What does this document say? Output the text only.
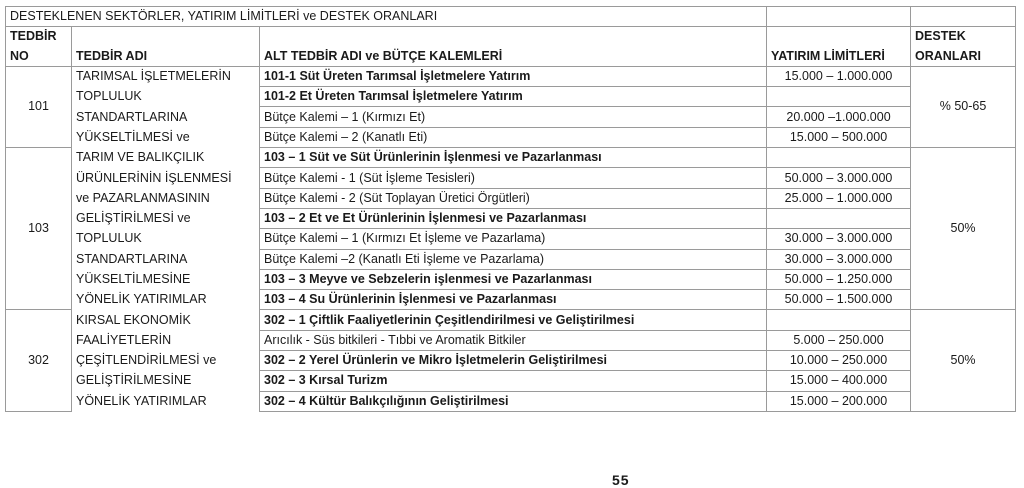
DESTEKLENEN SEKTÖRLER, YATIRIM LİMİTLERİ ve DESTEK ORANLARI				
TEDBİR				DESTEK
NO	TEDBİR ADI	ALT TEDBİR ADI ve BÜTÇE KALEMLERİ	YATIRIM LİMİTLERİ	ORANLARI
101	TARIMSAL İŞLETMELERİN	101-1 Süt Üreten Tarımsal İşletmelere Yatırım	15.000 – 1.000.000	% 50-65
	TOPLULUK	101-2 Et Üreten Tarımsal İşletmelere Yatırım		
	STANDARTLARINA	Bütçe Kalemi – 1 (Kırmızı Et)	20.000 –1.000.000	
	YÜKSELTİLMESİ ve	Bütçe Kalemi – 2 (Kanatlı Eti)	15.000 – 500.000	
103	TARIM VE BALIKÇILIK	103 – 1 Süt ve Süt Ürünlerinin İşlenmesi ve Pazarlanması		50%
	ÜRÜNLERİNİN İŞLENMESİ	Bütçe Kalemi - 1 (Süt İşleme Tesisleri)	50.000 – 3.000.000	
	ve PAZARLANMASININ	Bütçe Kalemi - 2 (Süt Toplayan Üretici Örgütleri)	25.000 – 1.000.000	
	GELİŞTİRİLMESİ ve	103 – 2 Et ve Et Ürünlerinin İşlenmesi ve Pazarlanması		
	TOPLULUK	Bütçe Kalemi – 1 (Kırmızı Et İşleme ve Pazarlama)	30.000 – 3.000.000	
	STANDARTLARINA	Bütçe Kalemi –2 (Kanatlı Eti İşleme ve Pazarlama)	30.000 – 3.000.000	
	YÜKSELTİLMESİNE	103 – 3 Meyve ve Sebzelerin işlenmesi ve Pazarlanması	50.000 – 1.250.000	
	YÖNELİK YATIRIMLAR	103 – 4 Su Ürünlerinin İşlenmesi ve Pazarlanması	50.000 – 1.500.000	
302	KIRSAL EKONOMİK	302 – 1 Çiftlik Faaliyetlerinin Çeşitlendirilmesi ve Geliştirilmesi		50%
	FAALİYETLERİN	Arıcılık - Süs bitkileri - Tıbbi ve Aromatik Bitkiler	5.000 – 250.000	
	ÇEŞİTLENDİRİLMESİ ve	302 – 2 Yerel Ürünlerin ve Mikro İşletmelerin Geliştirilmesi	10.000 – 250.000	
	GELİŞTİRİLMESİNE	302 – 3 Kırsal Turizm	15.000 – 400.000	
	YÖNELİK YATIRIMLAR	302 – 4 Kültür Balıkçılığının Geliştirilmesi	15.000 – 200.000	
55
